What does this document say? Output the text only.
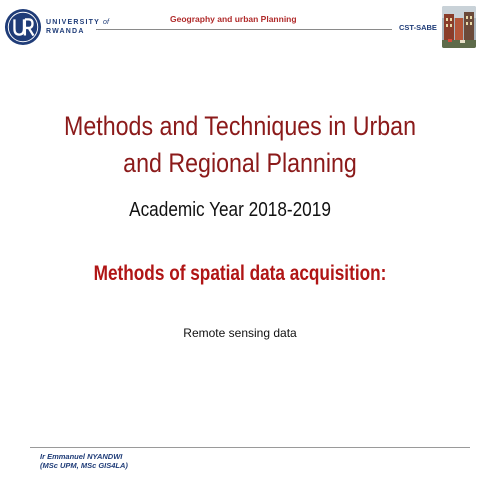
UNIVERSITY of
RWANDA
Geography and urban Planning
CST-SABE
Methods and Techniques in Urban
and Regional Planning
Academic Year 2018-2019
Methods of spatial data acquisition:
Remote sensing data
Ir Emmanuel NYANDWI
(MSc UPM, MSc GIS4LA)
